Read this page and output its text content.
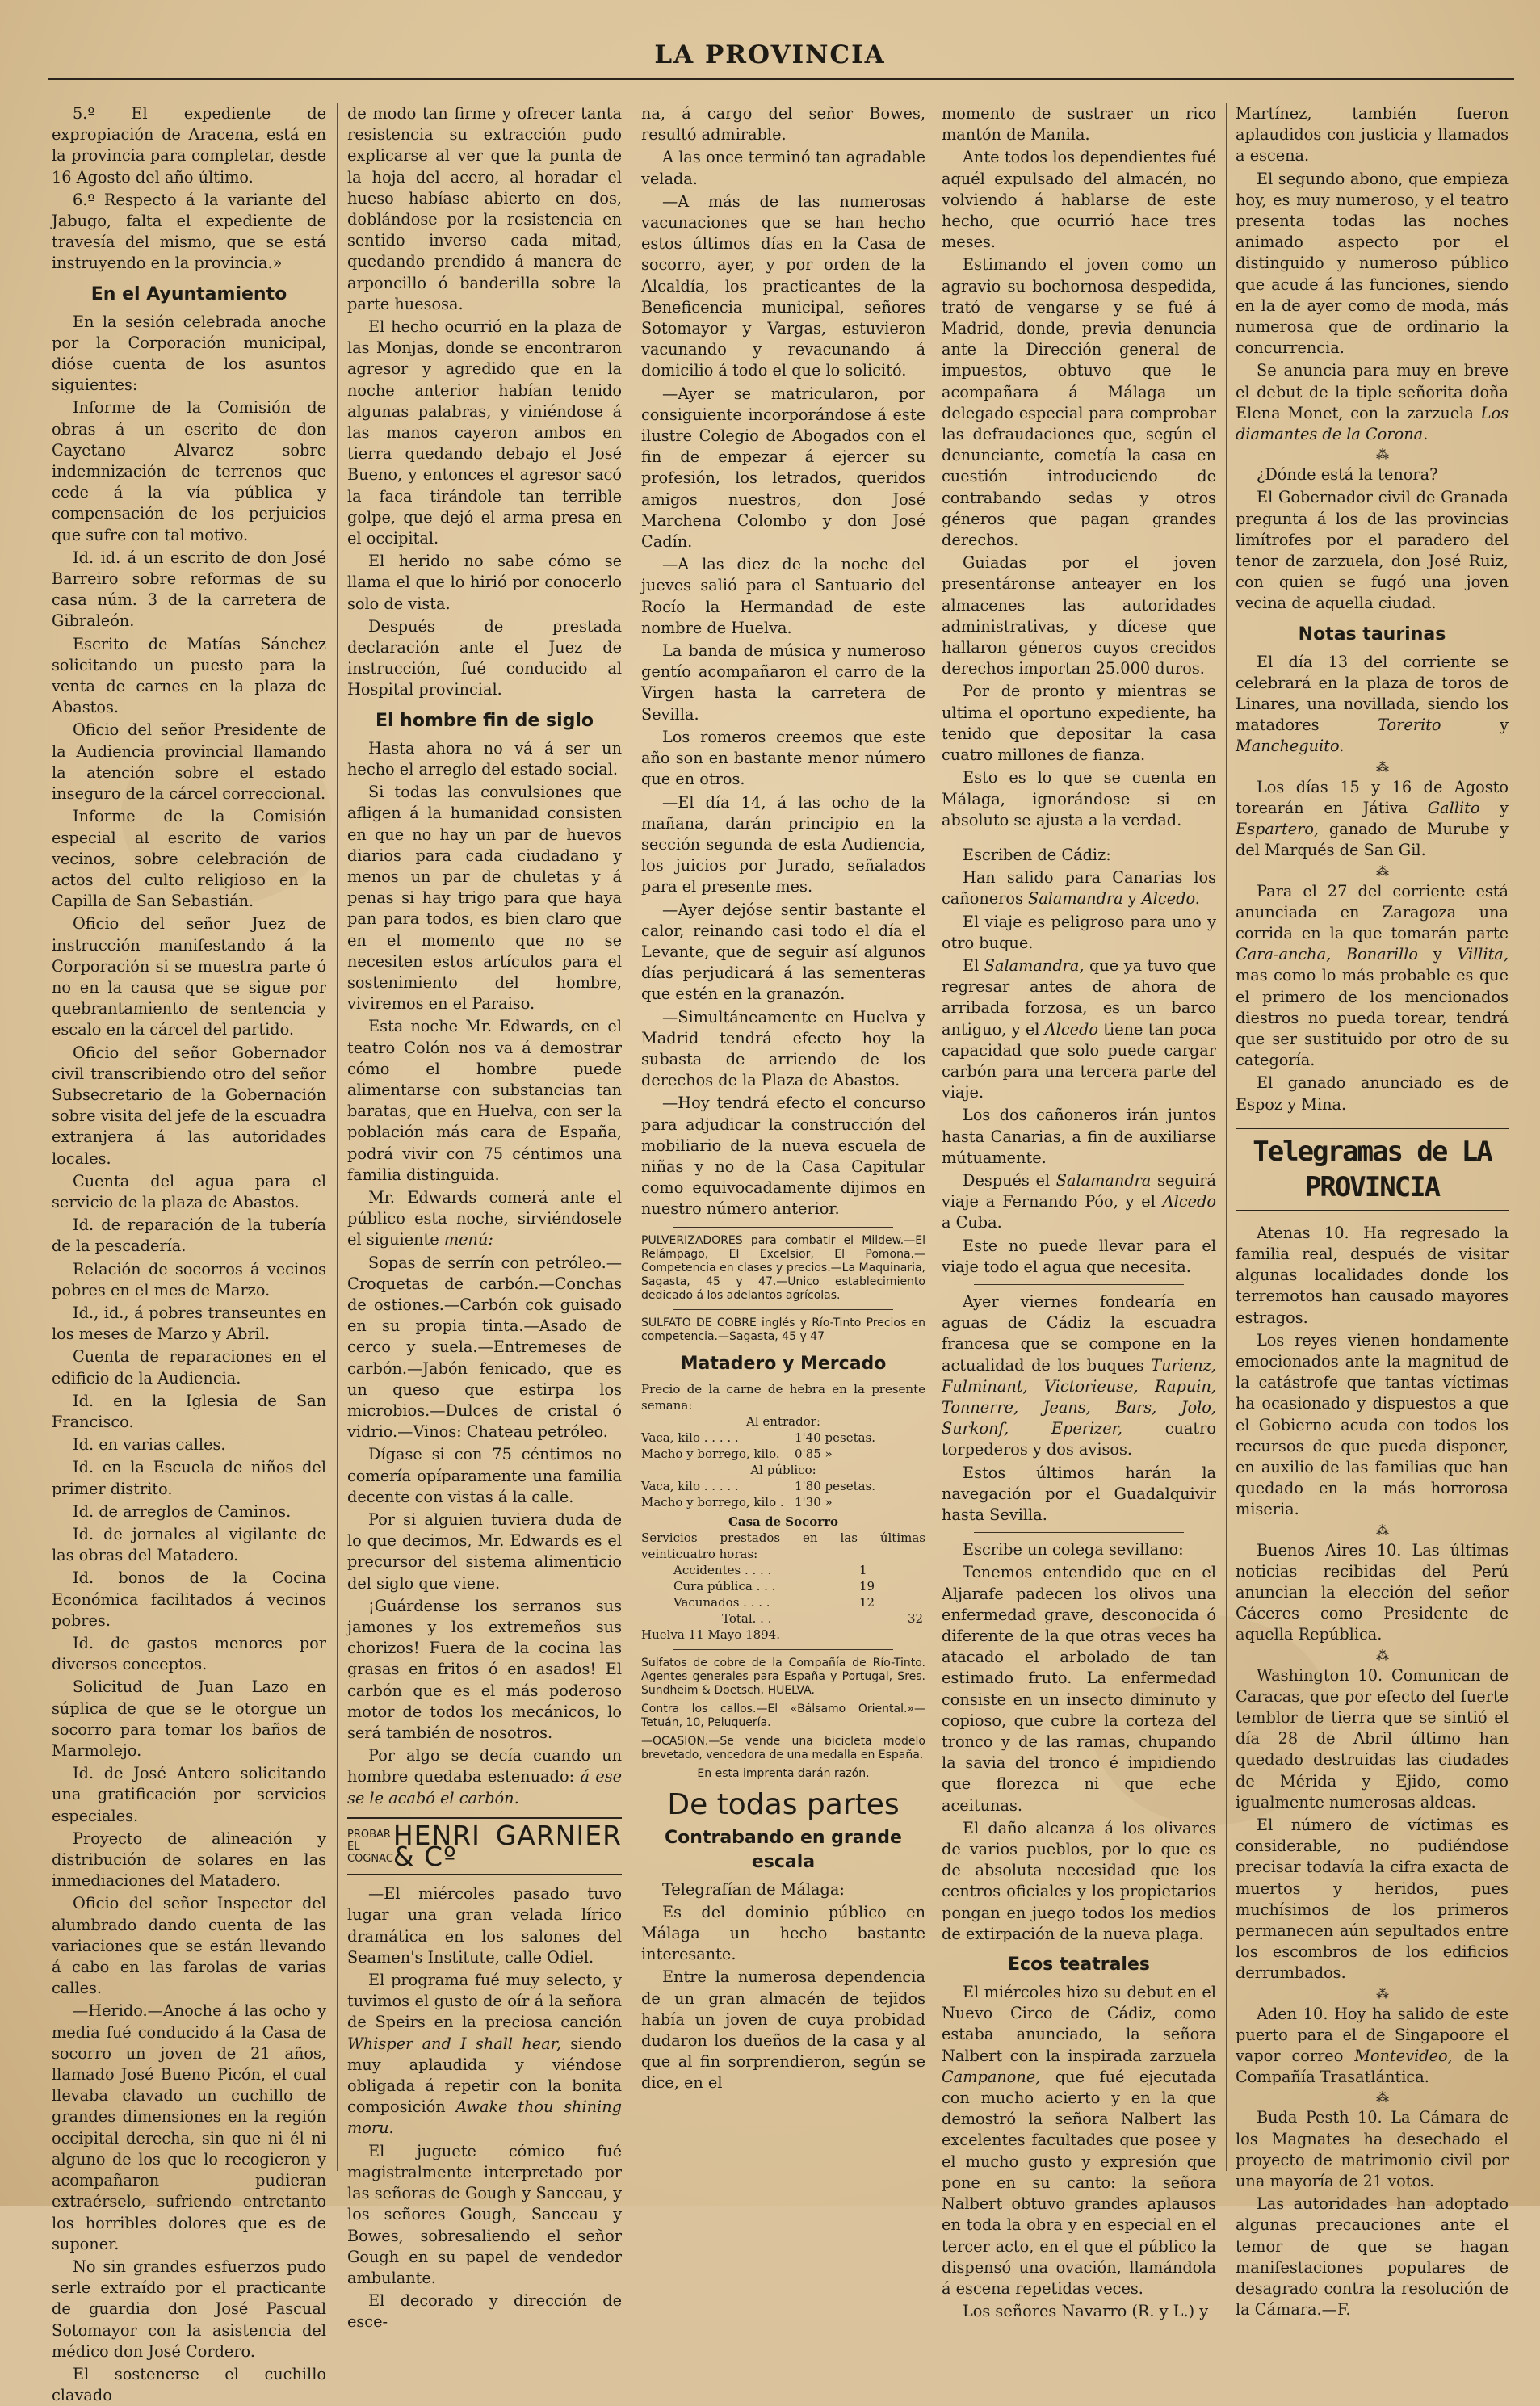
LA PROVINCIA

5.º El expediente de expropiación de Aracena, está en la provincia para completar, desde 16 Agosto del año último.

6.º Respecto á la variante del Jabugo, falta el expediente de travesía del mismo, que se está instruyendo en la provincia.»

En el Ayuntamiento

En la sesión celebrada anoche por la Corporación municipal, dióse cuenta de los asuntos siguientes:

Informe de la Comisión de obras á un escrito de don Cayetano Alvarez sobre indemnización de terrenos que cede á la vía pública y compensación de los perjuicios que sufre con tal motivo.

Id. id. á un escrito de don José Barreiro sobre reformas de su casa núm. 3 de la carretera de Gibraleón.

Escrito de Matías Sánchez solicitando un puesto para la venta de carnes en la plaza de Abastos.

Oficio del señor Presidente de la Audiencia provincial llamando la atención sobre el estado inseguro de la cárcel correccional.

Informe de la Comisión especial al escrito de varios vecinos, sobre celebración de actos del culto religioso en la Capilla de San Sebastián.

Oficio del señor Juez de instrucción manifestando á la Corporación si se muestra parte ó no en la causa que se sigue por quebrantamiento de sentencia y escalo en la cárcel del partido.

Oficio del señor Gobernador civil transcribiendo otro del señor Subsecretario de la Gobernación sobre visita del jefe de la escuadra extranjera á las autoridades locales.

Cuenta del agua para el servicio de la plaza de Abastos.

Id. de reparación de la tubería de la pescadería.

Relación de socorros á vecinos pobres en el mes de Marzo.

Id., id., á pobres transeuntes en los meses de Marzo y Abril.

Cuenta de reparaciones en el edificio de la Audiencia.

Id. en la Iglesia de San Francisco.

Id. en varias calles.

Id. en la Escuela de niños del primer distrito.

Id. de arreglos de Caminos.

Id. de jornales al vigilante de las obras del Matadero.

Id. bonos de la Cocina Económica facilitados á vecinos pobres.

Id. de gastos menores por diversos conceptos.

Solicitud de Juan Lazo en súplica de que se le otorgue un socorro para tomar los baños de Marmolejo.

Id. de José Antero solicitando una gratificación por servicios especiales.

Proyecto de alineación y distribución de solares en las inmediaciones del Matadero.

Oficio del señor Inspector del alumbrado dando cuenta de las variaciones que se están llevando á cabo en las farolas de varias calles.

—Herido.—Anoche á las ocho y media fué conducido á la Casa de socorro un joven de 21 años, llamado José Bueno Picón, el cual llevaba clavado un cuchillo de grandes dimensiones en la región occipital derecha, sin que ni él ni alguno de los que lo recogieron y acompañaron pudieran extraérselo, sufriendo entretanto los horribles dolores que es de suponer.

No sin grandes esfuerzos pudo serle extraído por el practicante de guardia don José Pascual Sotomayor con la asistencia del médico don José Cordero.

El sostenerse el cuchillo clavado

de modo tan firme y ofrecer tanta resistencia su extracción pudo explicarse al ver que la punta de la hoja del acero, al horadar el hueso habíase abierto en dos, doblándose por la resistencia en sentido inverso cada mitad, quedando prendido á manera de arponcillo ó banderilla sobre la parte huesosa.

El hecho ocurrió en la plaza de las Monjas, donde se encontraron agresor y agredido que en la noche anterior habían tenido algunas palabras, y viniéndose á las manos cayeron ambos en tierra quedando debajo el José Bueno, y entonces el agresor sacó la faca tirándole tan terrible golpe, que dejó el arma presa en el occipital.

El herido no sabe cómo se llama el que lo hirió por conocerlo solo de vista.

Después de prestada declaración ante el Juez de instrucción, fué conducido al Hospital provincial.

El hombre fin de siglo

Hasta ahora no vá á ser un hecho el arreglo del estado social.

Si todas las convulsiones que afligen á la humanidad consisten en que no hay un par de huevos diarios para cada ciudadano y menos un par de chuletas y á penas si hay trigo para que haya pan para todos, es bien claro que en el momento que no se necesiten estos artículos para el sostenimiento del hombre, viviremos en el Paraiso.

Esta noche Mr. Edwards, en el teatro Colón nos va á demostrar cómo el hombre puede alimentarse con substancias tan baratas, que en Huelva, con ser la población más cara de España, podrá vivir con 75 céntimos una familia distinguida.

Mr. Edwards comerá ante el público esta noche, sirviéndosele el siguiente menú:

Sopas de serrín con petróleo.—Croquetas de carbón.—Conchas de ostiones.—Carbón cok guisado en su propia tinta.—Asado de cerco y suela.—Entremeses de carbón.—Jabón fenicado, que es un queso que estirpa los microbios.—Dulces de cristal ó vidrio.—Vinos: Chateau petróleo.

Dígase si con 75 céntimos no comería opíparamente una familia decente con vistas á la calle.

Por si alguien tuviera duda de lo que decimos, Mr. Edwards es el precursor del sistema alimenticio del siglo que viene.

¡Guárdense los serranos sus jamones y los extremeños sus chorizos! Fuera de la cocina las grasas en fritos ó en asados! El carbón que es el más poderoso motor de todos los mecánicos, lo será también de nosotros.

Por algo se decía cuando un hombre quedaba estenuado: á ese se le acabó el carbón.

PROBAR EL COGNAC
HENRI GARNIER & Cº

—El miércoles pasado tuvo lugar una gran velada lírico dramática en los salones del Seamen's Institute, calle Odiel.

El programa fué muy selecto, y tuvimos el gusto de oír á la señora de Speirs en la preciosa canción Whisper and I shall hear, siendo muy aplaudida y viéndose obligada á repetir con la bonita composición Awake thou shining moru.

El juguete cómico fué magistralmente interpretado por las señoras de Gough y Sanceau, y los señores Gough, Sanceau y Bowes, sobresaliendo el señor Gough en su papel de vendedor ambulante.

El decorado y dirección de esce-

na, á cargo del señor Bowes, resultó admirable.

A las once terminó tan agradable velada.

—A más de las numerosas vacunaciones que se han hecho estos últimos días en la Casa de socorro, ayer, y por orden de la Alcaldía, los practicantes de la Beneficencia municipal, señores Sotomayor y Vargas, estuvieron vacunando y revacunando á domicilio á todo el que lo solicitó.

—Ayer se matricularon, por consiguiente incorporándose á este ilustre Colegio de Abogados con el fin de empezar á ejercer su profesión, los letrados, queridos amigos nuestros, don José Marchena Colombo y don José Cadín.

—A las diez de la noche del jueves salió para el Santuario del Rocío la Hermandad de este nombre de Huelva.

La banda de música y numeroso gentío acompañaron el carro de la Virgen hasta la carretera de Sevilla.

Los romeros creemos que este año son en bastante menor número que en otros.

—El día 14, á las ocho de la mañana, darán principio en la sección segunda de esta Audiencia, los juicios por Jurado, señalados para el presente mes.

—Ayer dejóse sentir bastante el calor, reinando casi todo el día el Levante, que de seguir así algunos días perjudicará á las sementeras que estén en la granazón.

—Simultáneamente en Huelva y Madrid tendrá efecto hoy la subasta de arriendo de los derechos de la Plaza de Abastos.

—Hoy tendrá efecto el concurso para adjudicar la construcción del mobiliario de la nueva escuela de niñas y no de la Casa Capitular como equivocadamente dijimos en nuestro número anterior.

PULVERIZADORES para combatir el Mildew.—El Relámpago, El Excelsior, El Pomona.—Competencia en clases y precios.—La Maquinaria, Sagasta, 45 y 47.—Unico establecimiento dedicado á los adelantos agrícolas.
SULFATO DE COBRE inglés y Río-Tinto Precios en competencia.—Sagasta, 45 y 47
Matadero y Mercado
Precio de la carne de hebra en la presente semana:
Al entrador:
Vaca, kilo . . . . .	1'40 pesetas.
Macho y borrego, kilo. 0'85 »
Al público:
Vaca, kilo . . . . .	1'80 pesetas.
Macho y borrego, kilo . 1'30 »
Casa de Socorro
Servicios prestados en las últimas veinticuatro horas:
Accidentes . . . .	1
Cura pública . . .	19
Vacunados . . . .	12
Total. . .	32
Huelva 11 Mayo 1894.
Sulfatos de cobre de la Compañía de Río-Tinto. Agentes generales para España y Portugal, Sres. Sundheim & Doetsch, HUELVA.
Contra los callos.—El «Bálsamo Oriental.»—Tetuán, 10, Peluquería.
—OCASION.—Se vende una bicicleta modelo brevetado, vencedora de una medalla en España.
En esta imprenta darán razón.
De todas partes
Contrabando en grande escala

Telegrafían de Málaga:

Es del dominio público en Málaga un hecho bastante interesante.

Entre la numerosa dependencia de un gran almacén de tejidos había un joven de cuya probidad dudaron los dueños de la casa y al que al fin sorprendieron, según se dice, en el

momento de sustraer un rico mantón de Manila.

Ante todos los dependientes fué aquél expulsado del almacén, no volviendo á hablarse de este hecho, que ocurrió hace tres meses.

Estimando el joven como un agravio su bochornosa despedida, trató de vengarse y se fué á Madrid, donde, previa denuncia ante la Dirección general de impuestos, obtuvo que le acompañara á Málaga un delegado especial para comprobar las defraudaciones que, según el denunciante, cometía la casa en cuestión introduciendo de contrabando sedas y otros géneros que pagan grandes derechos.

Guiadas por el joven presentáronse anteayer en los almacenes las autoridades administrativas, y dícese que hallaron géneros cuyos crecidos derechos importan 25.000 duros.

Por de pronto y mientras se ultima el oportuno expediente, ha tenido que depositar la casa cuatro millones de fianza.

Esto es lo que se cuenta en Málaga, ignorándose si en absoluto se ajusta a la verdad.

Escriben de Cádiz:

Han salido para Canarias los cañoneros Salamandra y Alcedo.

El viaje es peligroso para uno y otro buque.

El Salamandra, que ya tuvo que regresar antes de ahora de arribada forzosa, es un barco antiguo, y el Alcedo tiene tan poca capacidad que solo puede cargar carbón para una tercera parte del viaje.

Los dos cañoneros irán juntos hasta Canarias, a fin de auxiliarse mútuamente.

Después el Salamandra seguirá viaje a Fernando Póo, y el Alcedo a Cuba.

Este no puede llevar para el viaje todo el agua que necesita.

Ayer viernes fondearía en aguas de Cádiz la escuadra francesa que se compone en la actualidad de los buques Turienz, Fulminant, Victorieuse, Rapuin, Tonnerre, Jeans, Bars, Jolo, Surkonf, Eperizer,	cuatro torpederos y dos avisos.

Estos últimos harán la navegación por el Guadalquivir hasta Sevilla.

Escribe un colega sevillano:

Tenemos entendido que en el Aljarafe padecen los olivos una enfermedad grave, desconocida ó diferente de la que otras veces ha atacado el arbolado de tan estimado fruto. La enfermedad consiste en un insecto diminuto y copioso, que cubre la corteza del tronco y de las ramas, chupando la savia del tronco é impidiendo que florezca ni que eche aceitunas.

El daño alcanza á los olivares de varios pueblos, por lo que es de absoluta necesidad que los centros oficiales y los propietarios pongan en juego todos los medios de extirpación de la nueva plaga.

Ecos teatrales

El miércoles hizo su debut en el Nuevo Circo de Cádiz, como estaba anunciado, la señora Nalbert con la inspirada zarzuela Campanone, que fué ejecutada con mucho acierto y en la que demostró la señora Nalbert las excelentes facultades que posee y el mucho gusto y expresión que pone en su canto: la señora Nalbert obtuvo grandes aplausos en toda la obra y en especial en el tercer acto, en el que el público la dispensó una ovación, llamándola á escena repetidas veces.

Los señores Navarro (R. y L.) y

Martínez, también fueron aplaudidos con justicia y llamados a escena.

El segundo abono, que empieza hoy, es muy numeroso, y el teatro presenta todas las noches animado aspecto por el distinguido y numeroso público que acude á las funciones, siendo en la de ayer como de moda, más numerosa que de ordinario la concurrencia.

Se anuncia para muy en breve el debut de la tiple señorita doña Elena Monet, con la zarzuela Los diamantes de la Corona.

⁂

¿Dónde está la tenora?

El Gobernador civil de Granada pregunta á los de las provincias limítrofes por el paradero del tenor de zarzuela, don José Ruiz, con quien se fugó una joven vecina de aquella ciudad.

Notas taurinas

El día 13 del corriente se celebrará en la plaza de toros de Linares, una novillada, siendo los matadores	Torerito	y Mancheguito.

⁂

Los días 15 y 16 de Agosto torearán en Játiva Gallito y Espartero, ganado de Murube y del Marqués de San Gil.

⁂

Para el 27 del corriente está anunciada en Zaragoza una corrida en la que tomarán parte Cara-ancha, Bonarillo y Villita, mas como lo más probable es que el primero de los mencionados diestros no pueda torear, tendrá que ser sustituido por otro de su categoría.

El ganado anunciado es de Espoz y Mina.

Telegramas de LA PROVINCIA

Atenas 10. Ha regresado la familia real, después de visitar algunas localidades donde los terremotos han causado mayores estragos.

Los reyes vienen hondamente emocionados ante la magnitud de la catástrofe que tantas víctimas ha ocasionado y dispuestos a que el Gobierno acuda con todos los recursos de que pueda disponer, en auxilio de las familias que han quedado en la más horrorosa miseria.

⁂

Buenos Aires 10. Las últimas noticias recibidas del Perú anuncian la elección del señor Cáceres como Presidente de aquella República.

⁂

Washington 10. Comunican de Caracas, que por efecto del fuerte temblor de tierra que se sintió el día 28 de Abril último han quedado destruidas las ciudades de Mérida y Ejido, como igualmente numerosas aldeas.

El número de víctimas es considerable, no pudiéndose precisar todavía la cifra exacta de muertos y heridos, pues muchísimos de los primeros permanecen aún sepultados entre los escombros de los edificios derrumbados.

⁂

Aden 10. Hoy ha salido de este puerto para el de Singapoore el vapor correo Montevideo, de la Compañía Trasatlántica.

⁂

Buda Pesth 10. La Cámara de los Magnates ha desechado el proyecto de matrimonio civil por una mayoría de 21 votos.

Las autoridades han adoptado algunas precauciones ante el temor de que se hagan manifestaciones populares de desagrado contra la resolución de la Cámara.—F.
